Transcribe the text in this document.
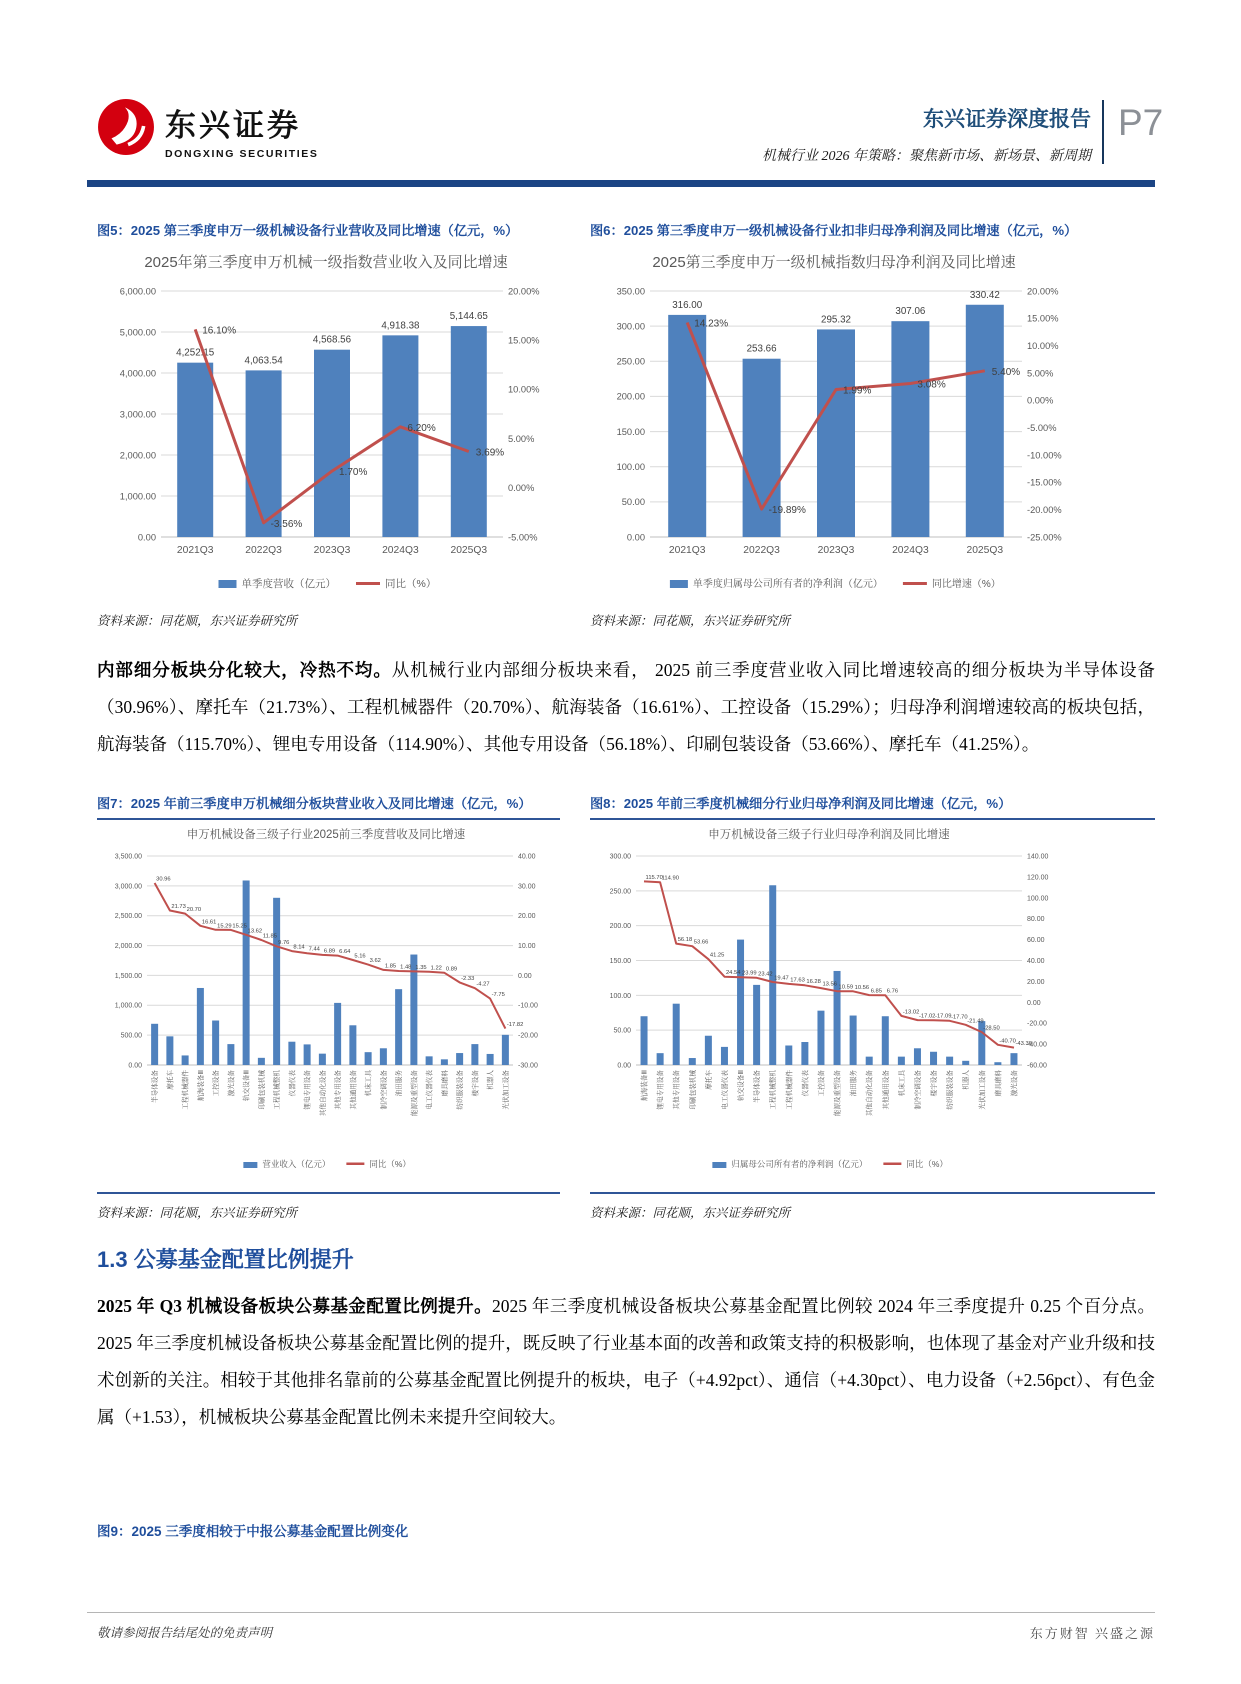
东兴证券
DONGXING SECURITIES
东兴证券深度报告
机械行业 2026 年策略：聚焦新市场、新场景、新周期
P7
图5：2025 第三季度申万一级机械设备行业营收及同比增速（亿元，%）
2025年第三季度申万机械一级指数营业收入及同比增速
0.00
1,000.00
2,000.00
3,000.00
4,000.00
5,000.00
6,000.00
-5.00%
0.00%
5.00%
10.00%
15.00%
20.00%
4,252.15
2021Q3
4,063.54
2022Q3
4,568.56
2023Q3
4,918.38
2024Q3
5,144.65
2025Q3
16.10%
-3.56%
1.70%
6.20%
3.69%
单季度营收（亿元）	同比（%）
资料来源：同花顺，东兴证券研究所
图6：2025 第三季度申万一级机械设备行业扣非归母净利润及同比增速（亿元，%）
2025第三季度申万一级机械指数归母净利润及同比增速
0.00
50.00
100.00
150.00
200.00
250.00
300.00
350.00
-25.00%
-20.00%
-15.00%
-10.00%
-5.00%
0.00%
5.00%
10.00%
15.00%
20.00%
316.00
2021Q3
253.66
2022Q3
295.32
2023Q3
307.06
2024Q3
330.42
2025Q3
14.23%
-19.89%
1.99%
3.08%
5.40%
单季度归属母公司所有者的净利润（亿元）	同比增速（%）
资料来源：同花顺，东兴证券研究所
内部细分板块分化较大，冷热不均。从机械行业内部细分板块来看， 2025 前三季度营业收入同比增速较高的细分板块为半导体设备（30.96%）、摩托车（21.73%）、工程机械器件（20.70%）、航海装备（16.61%）、工控设备（15.29%）；归母净利润增速较高的板块包括，航海装备（115.70%）、锂电专用设备（114.90%）、其他专用设备（56.18%）、印刷包装设备（53.66%）、摩托车（41.25%）。
图7：2025 年前三季度申万机械细分板块营业收入及同比增速（亿元，%）
申万机械设备三级子行业2025前三季度营收及同比增速
0.00
500.00
1,000.00
1,500.00
2,000.00
2,500.00
3,000.00
3,500.00
-30.00
-20.00
-10.00
0.00
10.00
20.00
30.00
40.00
半导体设备	摩托车	工程机械器件	航海装备Ⅲ	工控设备	激光设备	轨交设备Ⅲ	印刷包装机械	工程机械整机	仪器仪表	锂电专用设备	其他自动化设备	其他专用设备	其他通用设备	机床工具	制冷空调设备	油田服务	能源及重型设备	电工仪器仪表	磨具磨料	纺织服装设备	楼宇设备	机器人	光伏加工设备
30.96
21.73
20.70
16.61
15.29 15.25
13.62
11.85
9.76
8.14 7.44 6.89 6.64
5.16
3.62
1.85 1.48 1.35 1.22 0.89
-2.33
-4.27
-7.75
-17.82
营业收入（亿元）	同比（%）
资料来源：同花顺，东兴证券研究所
图8：2025 年前三季度机械细分行业归母净利润及同比增速（亿元，%）
申万机械设备三级子行业归母净利润及同比增速
0.00
50.00
100.00
150.00
200.00
250.00
300.00
-60.00
-40.00
-20.00
0.00
20.00
40.00
60.00
80.00
100.00
120.00
140.00
航海装备Ⅲ	锂电专用设备	其他专用设备	印刷包装机械	摩托车	电工仪器仪表	轨交设备Ⅲ	半导体设备	工程机械整机	工程机械器件	仪器仪表	工控设备	能源及重型设备	油田服务	其他自动化设备	其他通用设备	机床工具	制冷空调设备	楼宇设备	纺织服装设备	机器人	光伏加工设备	磨具磨料	激光设备
115.70
114.90
56.18 53.66
41.25
24.54 23.99 23.42
19.47 17.63 16.28 13.56
10.59 10.56
6.85 6.76
-13.02
-17.02 -17.09 -17.70
-21.49
-28.50
-40.70 -43.36
归属母公司所有者的净利润（亿元）	同比（%）
资料来源：同花顺，东兴证券研究所
1.3 公募基金配置比例提升
2025 年 Q3 机械设备板块公募基金配置比例提升。2025 年三季度机械设备板块公募基金配置比例较 2024 年三季度提升 0.25 个百分点。2025 年三季度机械设备板块公募基金配置比例的提升，既反映了行业基本面的改善和政策支持的积极影响，也体现了基金对产业升级和技术创新的关注。相较于其他排名靠前的公募基金配置比例提升的板块，电子（+4.92pct）、通信（+4.30pct）、电力设备（+2.56pct）、有色金属（+1.53），机械板块公募基金配置比例未来提升空间较大。
图9：2025 三季度相较于中报公募基金配置比例变化
敬请参阅报告结尾处的免责声明	东方财智 兴盛之源
